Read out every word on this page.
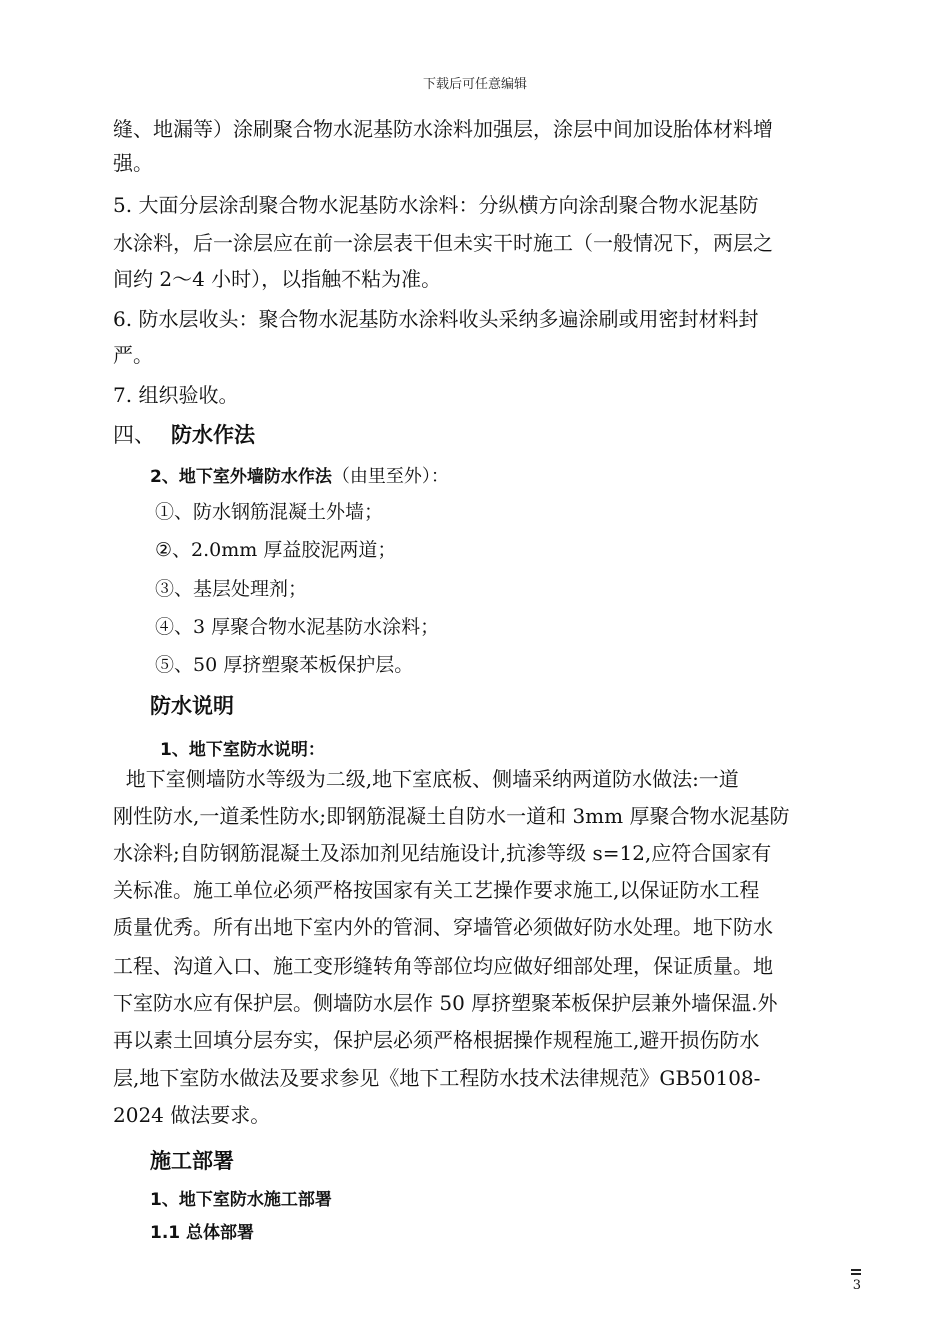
下载后可任意编辑
缝、地漏等）涂刷聚合物水泥基防水涂料加强层，涂层中间加设胎体材料增
强。
5. 大面分层涂刮聚合物水泥基防水涂料：分纵横方向涂刮聚合物水泥基防
水涂料，后一涂层应在前一涂层表干但未实干时施工（一般情况下，两层之
间约 2～4 小时），以指触不粘为准。
6. 防水层收头：聚合物水泥基防水涂料收头采纳多遍涂刷或用密封材料封
严。
7. 组织验收。
四、 防水作法
2、地下室外墙防水作法（由里至外）：
①、防水钢筋混凝土外墙；
②、2.0mm 厚益胶泥两道；
③、基层处理剂；
④、3 厚聚合物水泥基防水涂料；
⑤、50 厚挤塑聚苯板保护层。
防水说明
1、地下室防水说明：
地下室侧墙防水等级为二级,地下室底板、侧墙采纳两道防水做法:一道
刚性防水,一道柔性防水;即钢筋混凝土自防水一道和 3mm 厚聚合物水泥基防
水涂料;自防钢筋混凝土及添加剂见结施设计,抗渗等级 s=12,应符合国家有
关标准。施工单位必须严格按国家有关工艺操作要求施工,以保证防水工程
质量优秀。所有出地下室内外的管洞、穿墙管必须做好防水处理。地下防水
工程、沟道入口、施工变形缝转角等部位均应做好细部处理，保证质量。地
下室防水应有保护层。侧墙防水层作 50 厚挤塑聚苯板保护层兼外墙保温.外
再以素土回填分层夯实，保护层必须严格根据操作规程施工,避开损伤防水
层,地下室防水做法及要求参见《地下工程防水技术法律规范》GB50108-
2024 做法要求。
施工部署
1、地下室防水施工部署
1.1 总体部署
3
